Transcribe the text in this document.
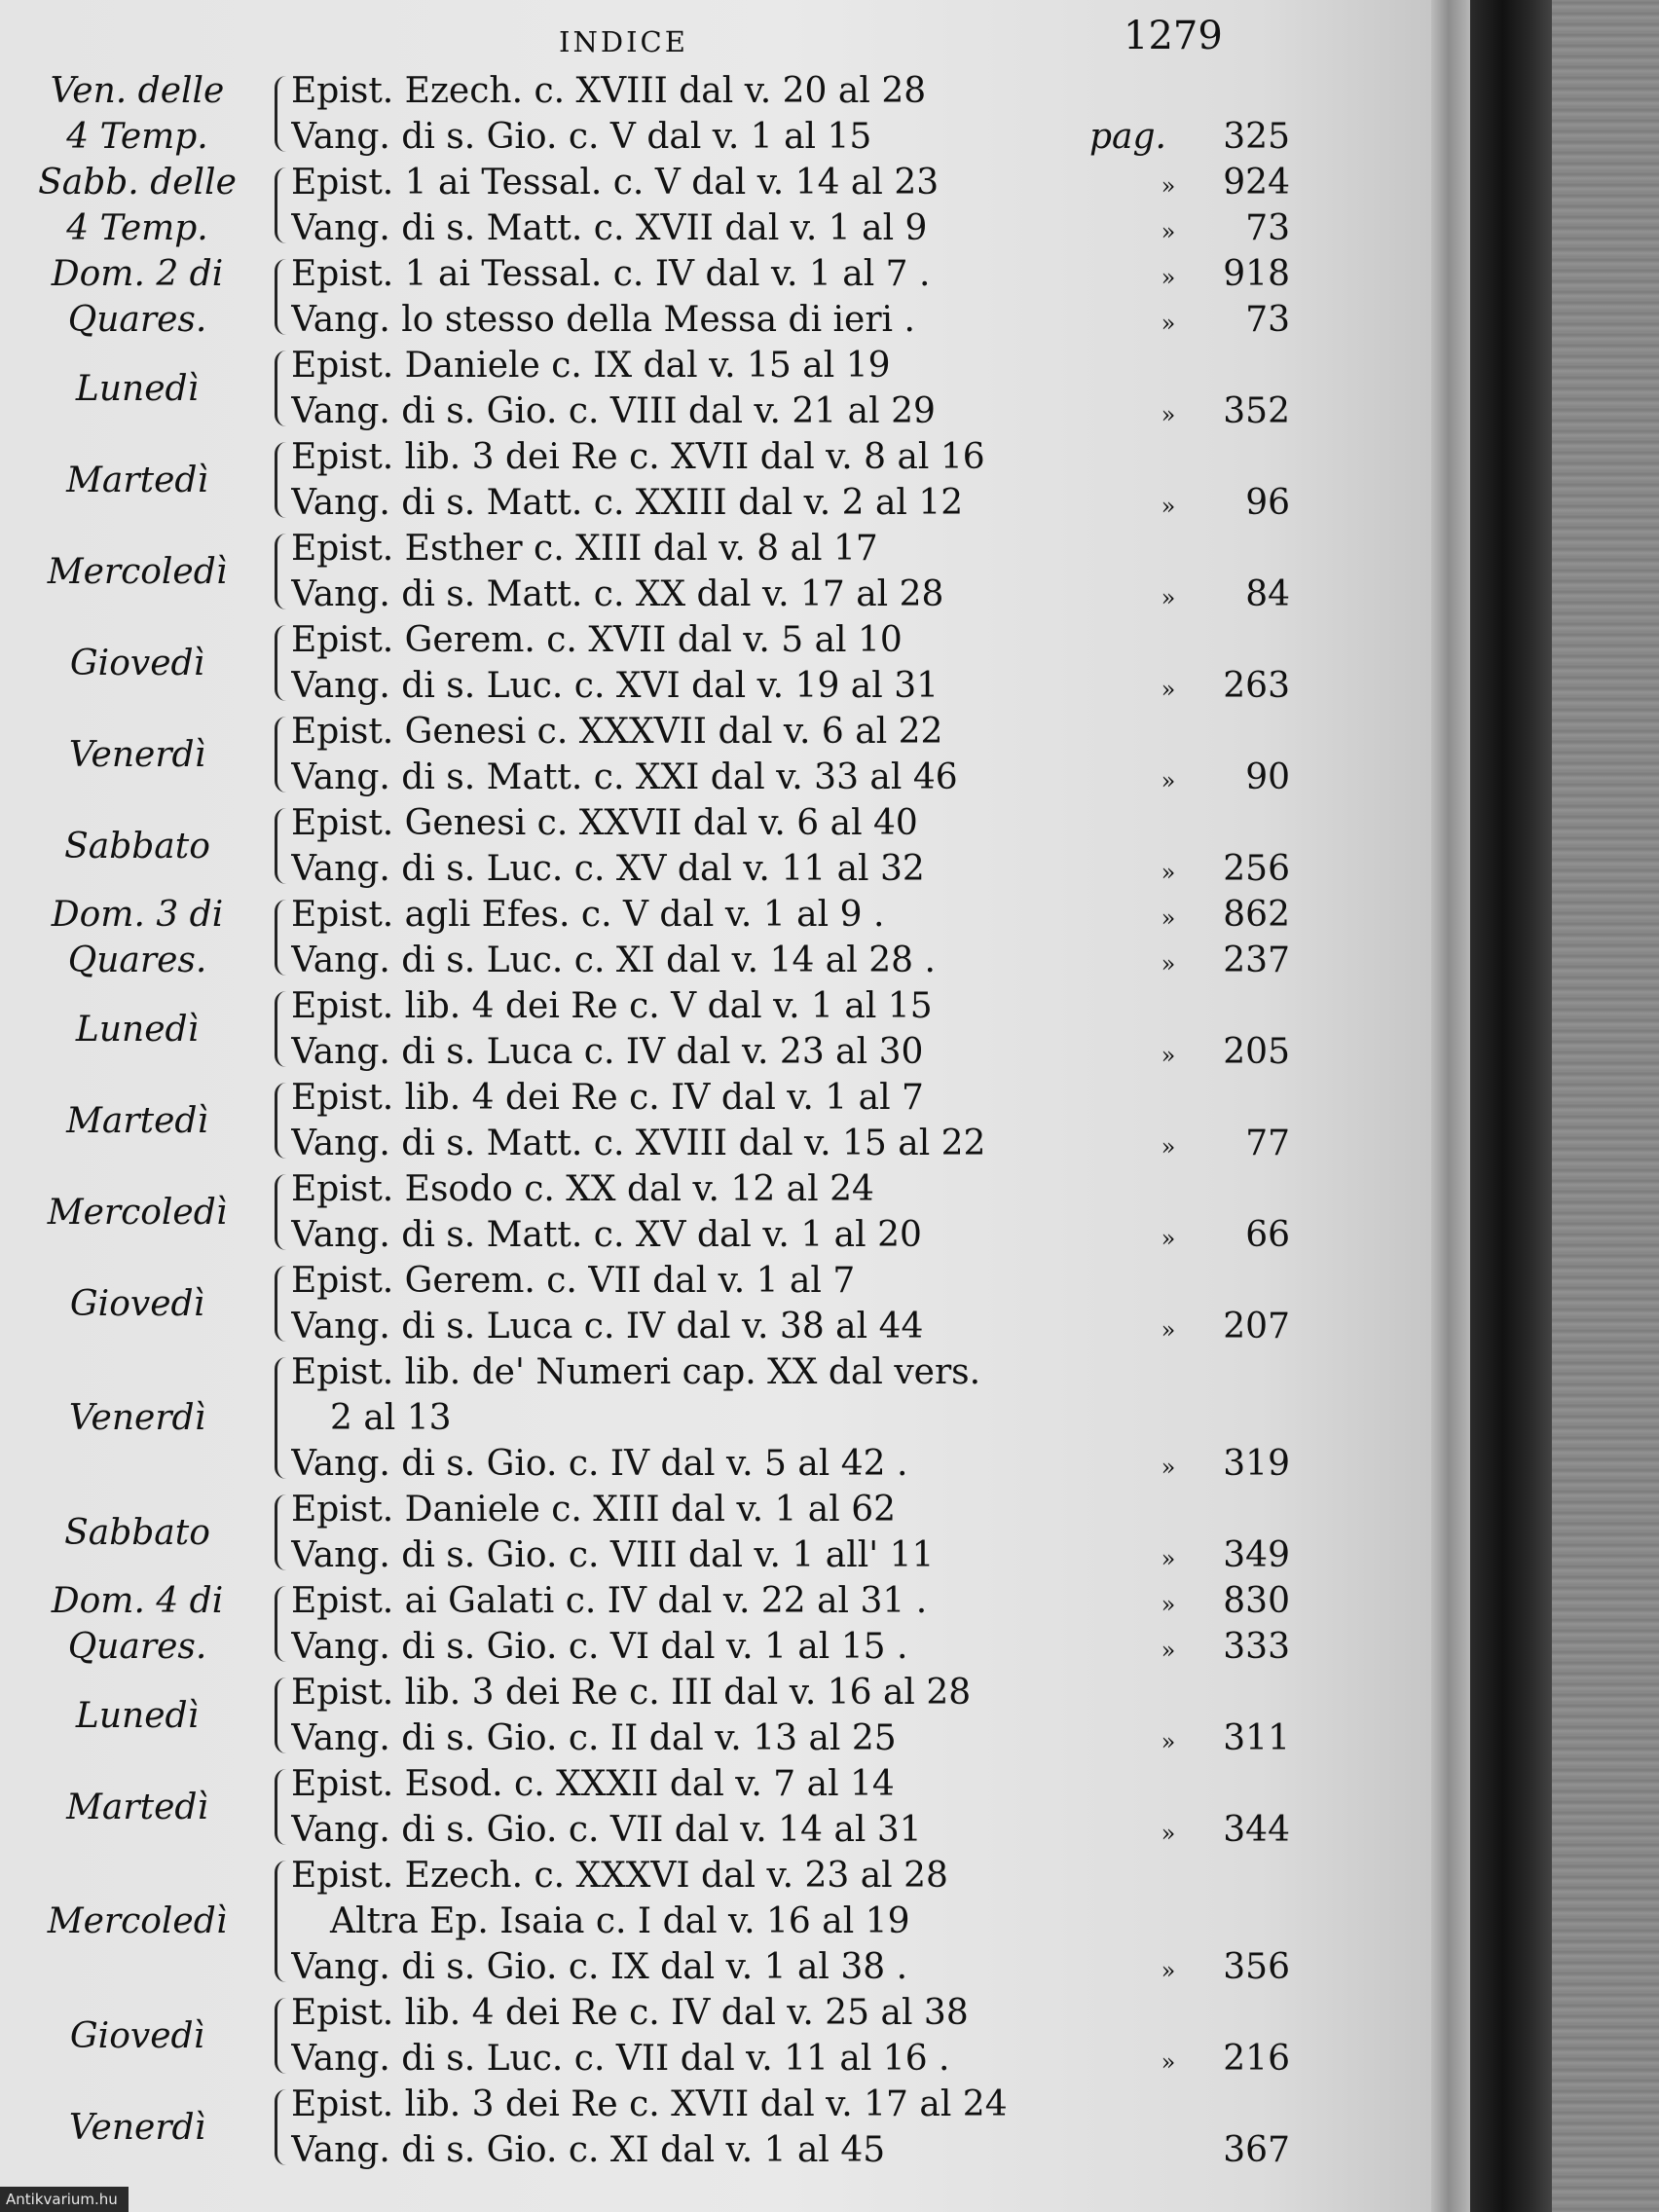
INDICE	1279
Ven. delle
4 Temp.
Epist. Ezech. c. XVIII dal v. 20 al 28
Vang. di s. Gio. c. V dal v. 1 al 15	pag.	325
Sabb. delle
4 Temp.
Epist. 1 ai Tessal. c. V dal v. 14 al 23	»	924
Vang. di s. Matt. c. XVII dal v. 1 al 9	»	73
Dom. 2 di
Quares.
Epist. 1 ai Tessal. c. IV dal v. 1 al 7 .	»	918
Vang. lo stesso della Messa di ieri .	»	73
Lunedì
Epist. Daniele c. IX dal v. 15 al 19
Vang. di s. Gio. c. VIII dal v. 21 al 29	»	352
Martedì
Epist. lib. 3 dei Re c. XVII dal v. 8 al 16
Vang. di s. Matt. c. XXIII dal v. 2 al 12	»	96
Mercoledì
Epist. Esther c. XIII dal v. 8 al 17
Vang. di s. Matt. c. XX dal v. 17 al 28	»	84
Giovedì
Epist. Gerem. c. XVII dal v. 5 al 10
Vang. di s. Luc. c. XVI dal v. 19 al 31	»	263
Venerdì
Epist. Genesi c. XXXVII dal v. 6 al 22
Vang. di s. Matt. c. XXI dal v. 33 al 46	»	90
Sabbato
Epist. Genesi c. XXVII dal v. 6 al 40
Vang. di s. Luc. c. XV dal v. 11 al 32	»	256
Dom. 3 di
Quares.
Epist. agli Efes. c. V dal v. 1 al 9 .	»	862
Vang. di s. Luc. c. XI dal v. 14 al 28 .	»	237
Lunedì
Epist. lib. 4 dei Re c. V dal v. 1 al 15
Vang. di s. Luca c. IV dal v. 23 al 30	»	205
Martedì
Epist. lib. 4 dei Re c. IV dal v. 1 al 7
Vang. di s. Matt. c. XVIII dal v. 15 al 22	»	77
Mercoledì
Epist. Esodo c. XX dal v. 12 al 24
Vang. di s. Matt. c. XV dal v. 1 al 20	»	66
Giovedì
Epist. Gerem. c. VII dal v. 1 al 7
Vang. di s. Luca c. IV dal v. 38 al 44	»	207
Venerdì
Epist. lib. de' Numeri cap. XX dal vers.
2 al 13
Vang. di s. Gio. c. IV dal v. 5 al 42 .	»	319
Sabbato
Epist. Daniele c. XIII dal v. 1 al 62
Vang. di s. Gio. c. VIII dal v. 1 all' 11	»	349
Dom. 4 di
Quares.
Epist. ai Galati c. IV dal v. 22 al 31 .	»	830
Vang. di s. Gio. c. VI dal v. 1 al 15 .	»	333
Lunedì
Epist. lib. 3 dei Re c. III dal v. 16 al 28
Vang. di s. Gio. c. II dal v. 13 al 25	»	311
Martedì
Epist. Esod. c. XXXII dal v. 7 al 14
Vang. di s. Gio. c. VII dal v. 14 al 31	»	344
Mercoledì
Epist. Ezech. c. XXXVI dal v. 23 al 28
Altra Ep. Isaia c. I dal v. 16 al 19
Vang. di s. Gio. c. IX dal v. 1 al 38 .	»	356
Giovedì
Epist. lib. 4 dei Re c. IV dal v. 25 al 38
Vang. di s. Luc. c. VII dal v. 11 al 16 .	»	216
Venerdì
Epist. lib. 3 dei Re c. XVII dal v. 17 al 24
Vang. di s. Gio. c. XI dal v. 1 al 45	367
Antikvarium.hu
